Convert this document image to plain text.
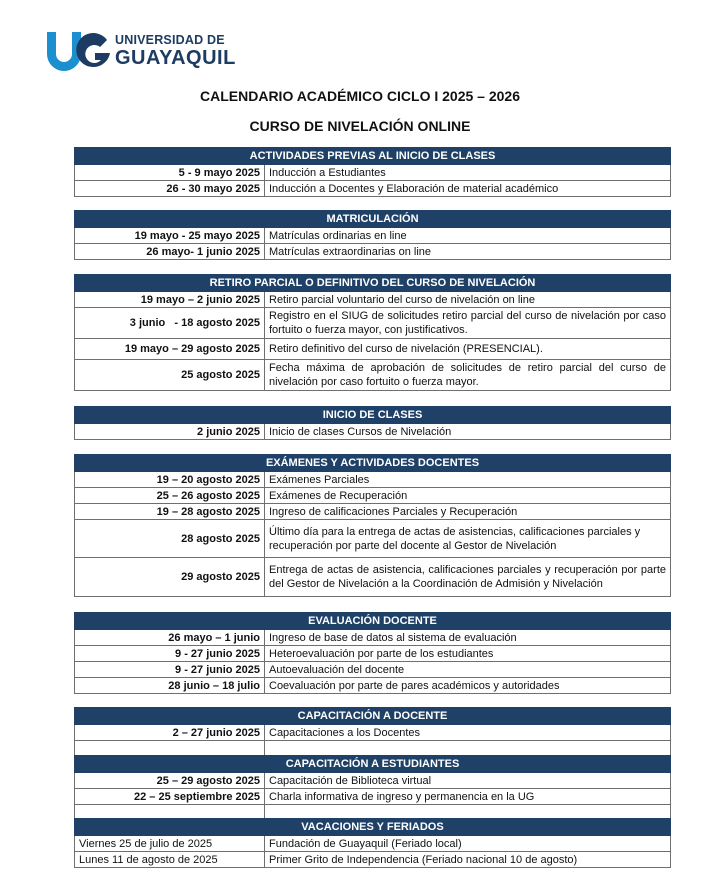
UNIVERSIDAD DE
GUAYAQUIL
CALENDARIO ACADÉMICO CICLO I 2025 – 2026
CURSO DE NIVELACIÓN ONLINE
ACTIVIDADES PREVIAS AL INICIO DE CLASES	
5 - 9 mayo 2025	Inducción a Estudiantes
26 - 30 mayo 2025	Inducción a Docentes y Elaboración de material académico
MATRICULACIÓN	
19 mayo - 25 mayo 2025	Matrículas ordinarias en line
26 mayo- 1 junio 2025	Matrículas extraordinarias on line
RETIRO PARCIAL O DEFINITIVO DEL CURSO DE NIVELACIÓN	
19 mayo – 2 junio 2025	Retiro parcial voluntario del curso de nivelación on line
3 junio   - 18 agosto 2025	Registro en el SIUG de solicitudes retiro parcial del curso de nivelación por caso fortuito o fuerza mayor, con justificativos.
19 mayo – 29 agosto 2025	Retiro definitivo del curso de nivelación (PRESENCIAL).
25 agosto 2025	Fecha máxima de aprobación de solicitudes de retiro parcial del curso de nivelación por caso fortuito o fuerza mayor.
INICIO DE CLASES
2 junio 2025	Inicio de clases Cursos de Nivelación
EXÁMENES Y ACTIVIDADES DOCENTES	
19 – 20 agosto 2025	Exámenes Parciales
25 – 26 agosto 2025	Exámenes de Recuperación
19 – 28 agosto 2025	Ingreso de calificaciones Parciales y Recuperación
28 agosto 2025	Último día para la entrega de actas de asistencias, calificaciones parciales y recuperación por parte del docente al Gestor de Nivelación
29 agosto 2025	Entrega de actas de asistencia, calificaciones parciales y recuperación por parte del Gestor de Nivelación a la Coordinación de Admisión y Nivelación
EVALUACIÓN DOCENTE	
26 mayo – 1 junio	Ingreso de base de datos al sistema de evaluación
9 - 27 junio 2025	Heteroevaluación por parte de los estudiantes
9 - 27 junio 2025	Autoevaluación del docente
28 junio – 18 julio	Coevaluación por parte de pares académicos y autoridades
CAPACITACIÓN A DOCENTE	
2 – 27 junio 2025	Capacitaciones a los Docentes

CAPACITACIÓN A ESTUDIANTES	
25 – 29 agosto 2025	Capacitación de Biblioteca virtual
22 – 25 septiembre 2025	Charla informativa de ingreso y permanencia en la UG

VACACIONES Y FERIADOS	
Viernes 25 de julio de 2025	Fundación de Guayaquil (Feriado local)
Lunes 11 de agosto de 2025	Primer Grito de Independencia (Feriado nacional 10 de agosto)
